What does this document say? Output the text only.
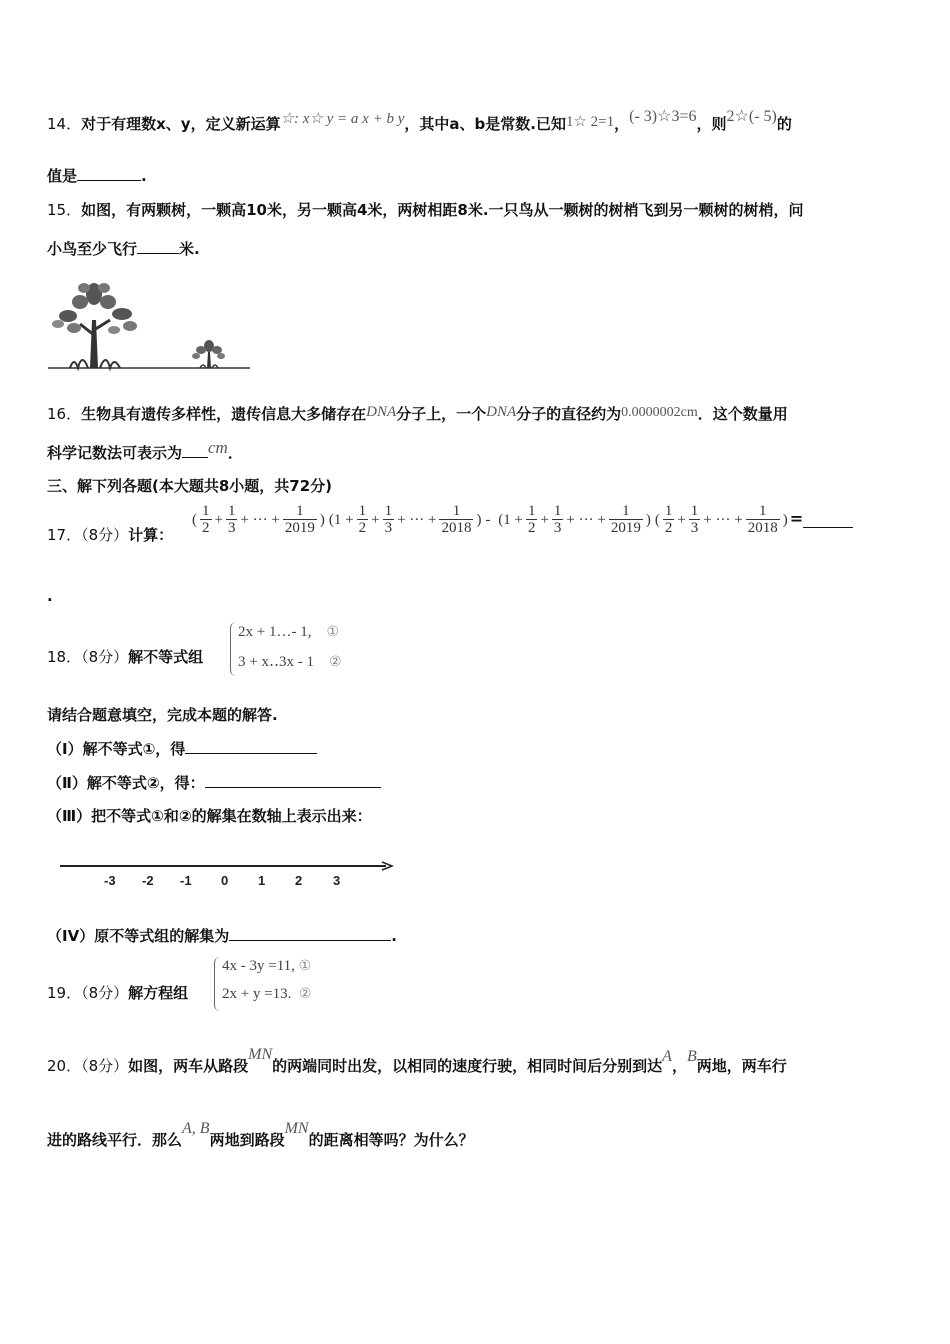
14．对于有理数x、y，定义新运算☆: x☆ y = a x + b y，其中a、b是常数.已知1☆ 2=1，(- 3)☆3=6，则2☆(- 5)的
值是	.
15．如图，有两颗树，一颗高10米，另一颗高4米，两树相距8米.一只鸟从一颗树的树梢飞到另一颗树的树梢，问
小鸟至少飞行	米.
16．生物具有遗传多样性，遗传信息大多储存在DNA分子上，一个DNA分子的直径约为0.0000002cm．这个数量用
科学记数法可表示为 cm．
三、解下列各题(本大题共8小题，共72分)
17．（8分）计算：
( $\frac{1}{2} + \frac{1}{3}$ + ··· + $\frac{1}{2019}$ ) ($1 + \frac{1}{2} + \frac{1}{3}$ + ··· + $\frac{1}{2018}$ ) - ($1 + \frac{1}{2} + \frac{1}{3}$ + ··· + $\frac{1}{2019}$ ) ( $\frac{1}{2} + \frac{1}{3}$ + ··· + $\frac{1}{2018}$ ) =
.
18．（8分）解不等式组
2x + 1…- 1, ①
3 + x‥3x - 1 ②
请结合题意填空，完成本题的解答.
（I）解不等式①，得
（Ⅱ）解不等式②，得：
（Ⅲ）把不等式①和②的解集在数轴上表示出来：
-3 -2 -1 0 1 2 3
（IV）原不等式组的解集为	.
19．（8分）解方程组
4x - 3y =11, ①
2x + y =13. ②
20．（8分）如图，两车从路段MN的两端同时出发，以相同的速度行驶，相同时间后分别到达A，B两地，两车行
进的路线平行．那么A, B两地到路段MN的距离相等吗？为什么？
